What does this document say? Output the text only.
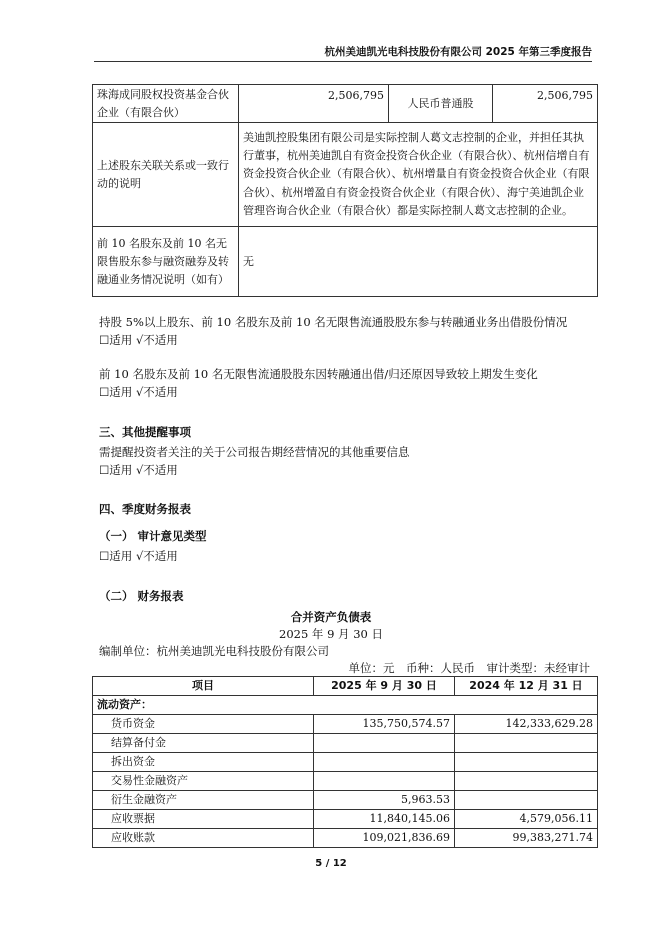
杭州美迪凯光电科技股份有限公司 2025 年第三季度报告
珠海成同股权投资基金合伙企业（有限合伙）	2,506,795	人民币普通股	2,506,795
上述股东关联关系或一致行动的说明	美迪凯控股集团有限公司是实际控制人葛文志控制的企业，并担任其执行董事，杭州美迪凯自有资金投资合伙企业（有限合伙）、杭州信增自有资金投资合伙企业（有限合伙）、杭州增量自有资金投资合伙企业（有限合伙）、杭州增盈自有资金投资合伙企业（有限合伙）、海宁美迪凯企业管理咨询合伙企业（有限合伙）都是实际控制人葛文志控制的企业。		
前 10 名股东及前 10 名无限售股东参与融资融券及转融通业务情况说明（如有）	无		
持股 5%以上股东、前 10 名股东及前 10 名无限售流通股股东参与转融通业务出借股份情况
☐适用 √不适用
前 10 名股东及前 10 名无限售流通股股东因转融通出借/归还原因导致较上期发生变化
☐适用 √不适用
三、其他提醒事项
需提醒投资者关注的关于公司报告期经营情况的其他重要信息
☐适用 √不适用
四、季度财务报表
（一） 审计意见类型
☐适用 √不适用
（二） 财务报表
合并资产负债表
2025 年 9 月 30 日
编制单位：杭州美迪凯光电科技股份有限公司
单位：元　币种：人民币　审计类型：未经审计
项目	2025 年 9 月 30 日	2024 年 12 月 31 日
流动资产：		
货币资金	135,750,574.57	142,333,629.28
结算备付金		
拆出资金		
交易性金融资产		
衍生金融资产	5,963.53	
应收票据	11,840,145.06	4,579,056.11
应收账款	109,021,836.69	99,383,271.74
5 / 12
